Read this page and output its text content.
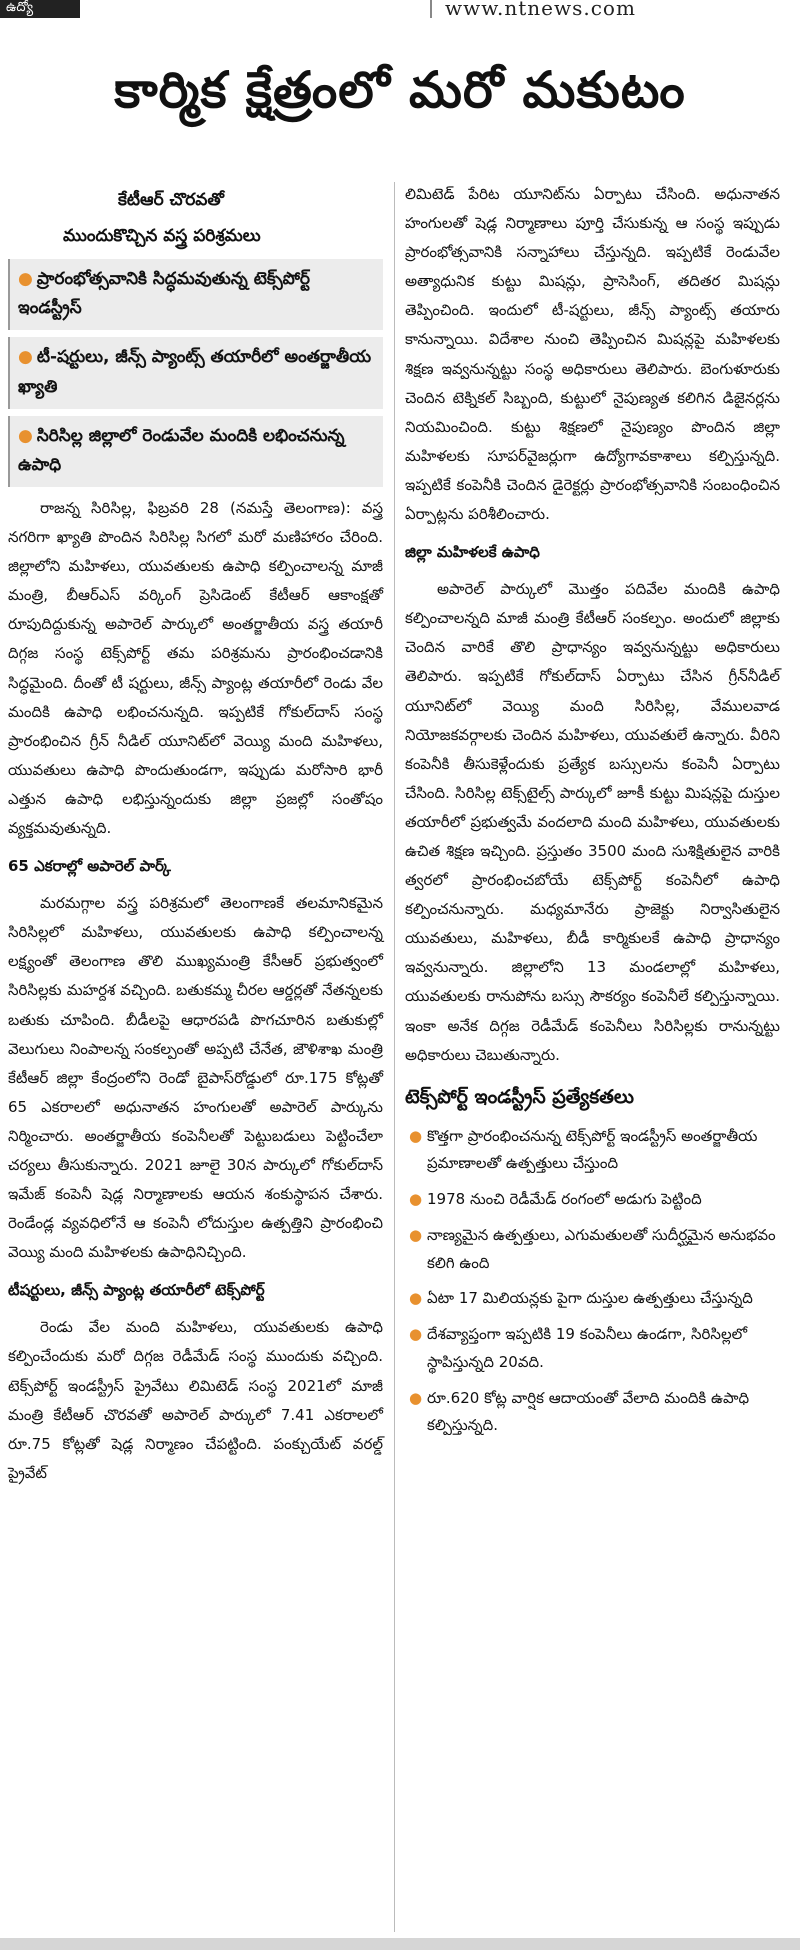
ఉద్యో	www.ntnews.com
కార్మిక క్షేత్రంలో మరో మకుటం
కేటీఆర్ చొరవతో
ముందుకొచ్చిన వస్త్ర పరిశ్రమలు
● ప్రారంభోత్సవానికి సిద్ధమవుతున్న టెక్స్‌పోర్ట్ ఇండస్ట్రీస్
● టీ-షర్టులు, జీన్స్ ప్యాంట్స్ తయారీలో అంతర్జాతీయ ఖ్యాతి
● సిరిసిల్ల జిల్లాలో రెండువేల మందికి లభించనున్న ఉపాధి

రాజన్న సిరిసిల్ల, ఫిబ్రవరి 28 (నమస్తే తెలంగాణ): వస్త్ర నగరిగా ఖ్యాతి పొందిన సిరిసిల్ల సిగలో మరో మణిహారం చేరింది. జిల్లాలోని మహిళలు, యువతులకు ఉపాధి కల్పించాలన్న మాజీ మంత్రి, బీఆర్ఎస్ వర్కింగ్ ప్రెసిడెంట్ కేటీఆర్ ఆకాంక్షతో రూపుదిద్దుకున్న అపారెల్ పార్కులో అంతర్జాతీయ వస్త్ర తయారీ దిగ్గజ సంస్థ టెక్స్‌పోర్ట్ తమ పరిశ్రమను ప్రారంభించడానికి సిద్ధమైంది. దీంతో టీ షర్టులు, జీన్స్ ప్యాంట్ల తయారీలో రెండు వేల మందికి ఉపాధి లభించనున్నది. ఇప్పటికే గోకుల్‌దాస్ సంస్థ ప్రారంభించిన గ్రీన్ నీడిల్ యూనిట్‌లో వెయ్యి మంది మహిళలు, యువతులు ఉపాధి పొందుతుండగా, ఇప్పుడు మరోసారి భారీ ఎత్తున ఉపాధి లభిస్తున్నందుకు జిల్లా ప్రజల్లో సంతోషం వ్యక్తమవుతున్నది.

65 ఎకరాల్లో అపారెల్ పార్క్

మరమగ్గాల వస్త్ర పరిశ్రమలో తెలంగాణకే తలమానికమైన సిరిసిల్లలో మహిళలు, యువతులకు ఉపాధి కల్పించాలన్న లక్ష్యంతో తెలంగాణ తొలి ముఖ్యమంత్రి కేసీఆర్ ప్రభుత్వంలో సిరిసిల్లకు మహర్దశ వచ్చింది. బతుకమ్మ చీరల ఆర్డర్లతో నేతన్నలకు బతుకు చూపింది. బీడీలపై ఆధారపడి పొగచూరిన బతుకుల్లో వెలుగులు నింపాలన్న సంకల్పంతో అప్పటి చేనేత, జౌళిశాఖ మంత్రి కేటీఆర్ జిల్లా కేంద్రంలోని రెండో బైపాస్‌రోడ్డులో రూ.175 కోట్లతో 65 ఎకరాలలో అధునాతన హంగులతో అపారెల్ పార్కును నిర్మించారు. అంతర్జాతీయ కంపెనీలతో పెట్టుబడులు పెట్టించేలా చర్యలు తీసుకున్నారు. 2021 జూలై 30న పార్కులో గోకుల్‌దాస్ ఇమేజ్ కంపెనీ షెడ్ల నిర్మాణాలకు ఆయన శంకుస్థాపన చేశారు. రెండేండ్ల వ్యవధిలోనే ఆ కంపెనీ లోదుస్తుల ఉత్పత్తిని ప్రారంభించి వెయ్యి మంది మహిళలకు ఉపాధినిచ్చింది.

టీషర్టులు, జీన్స్ ప్యాంట్ల తయారీలో టెక్స్‌పోర్ట్

రెండు వేల మంది మహిళలు, యువతులకు ఉపాధి కల్పించేందుకు మరో దిగ్గజ రెడీమేడ్ సంస్థ ముందుకు వచ్చింది. టెక్స్‌పోర్ట్ ఇండస్ట్రీస్ ప్రైవేటు లిమిటెడ్ సంస్థ 2021లో మాజీ మంత్రి కేటీఆర్ చొరవతో అపారెల్ పార్కులో 7.41 ఎకరాలలో రూ.75 కోట్లతో షెడ్ల నిర్మాణం చేపట్టింది. పంక్చుయేట్ వరల్డ్ ప్రైవేట్

లిమిటెడ్ పేరిట యూనిట్‌ను ఏర్పాటు చేసింది. అధునాతన హంగులతో షెడ్ల నిర్మాణాలు పూర్తి చేసుకున్న ఆ సంస్థ ఇప్పుడు ప్రారంభోత్సవానికి సన్నాహాలు చేస్తున్నది. ఇప్పటికే రెండువేల అత్యాధునిక కుట్టు మిషన్లు, ప్రాసెసింగ్, తదితర మిషన్లు తెప్పించింది. ఇందులో టీ-షర్టులు, జీన్స్ ప్యాంట్స్ తయారు కానున్నాయి. విదేశాల నుంచి తెప్పించిన మిషన్లపై మహిళలకు శిక్షణ ఇవ్వనున్నట్టు సంస్థ అధికారులు తెలిపారు. బెంగుళూరుకు చెందిన టెక్నికల్ సిబ్బంది, కుట్టులో నైపుణ్యత కలిగిన డిజైనర్లను నియమించింది. కుట్టు శిక్షణలో నైపుణ్యం పొందిన జిల్లా మహిళలకు సూపర్‌వైజర్లుగా ఉద్యోగావకాశాలు కల్పిస్తున్నది. ఇప్పటికే కంపెనీకి చెందిన డైరెక్టర్లు ప్రారంభోత్సవానికి సంబంధించిన ఏర్పాట్లను పరిశీలించారు.

జిల్లా మహిళలకే ఉపాధి

అపారెల్ పార్కులో మొత్తం పదివేల మందికి ఉపాధి కల్పించాలన్నది మాజీ మంత్రి కేటీఆర్ సంకల్పం. అందులో జిల్లాకు చెందిన వారికే తొలి ప్రాధాన్యం ఇవ్వనున్నట్టు అధికారులు తెలిపారు. ఇప్పటికే గోకుల్‌దాస్ ఏర్పాటు చేసిన గ్రీన్‌నీడిల్ యూనిట్‌లో వెయ్యి మంది సిరిసిల్ల, వేములవాడ నియోజకవర్గాలకు చెందిన మహిళలు, యువతులే ఉన్నారు. వీరిని కంపెనీకి తీసుకెళ్లేందుకు ప్రత్యేక బస్సులను కంపెనీ ఏర్పాటు చేసింది. సిరిసిల్ల టెక్స్‌టైల్స్ పార్కులో జూకీ కుట్టు మిషన్లపై దుస్తుల తయారీలో ప్రభుత్వమే వందలాది మంది మహిళలు, యువతులకు ఉచిత శిక్షణ ఇచ్చింది. ప్రస్తుతం 3500 మంది సుశిక్షితులైన వారికి త్వరలో ప్రారంభించబోయే టెక్స్‌పోర్ట్ కంపెనీలో ఉపాధి కల్పించనున్నారు. మధ్యమానేరు ప్రాజెక్టు నిర్వాసితులైన యువతులు, మహిళలు, బీడీ కార్మికులకే ఉపాధి ప్రాధాన్యం ఇవ్వనున్నారు. జిల్లాలోని 13 మండలాల్లో మహిళలు, యువతులకు రానుపోను బస్సు సౌకర్యం కంపెనీలే కల్పిస్తున్నాయి. ఇంకా అనేక దిగ్గజ రెడీమేడ్ కంపెనీలు సిరిసిల్లకు రానున్నట్టు అధికారులు చెబుతున్నారు.

టెక్స్‌పోర్ట్ ఇండస్ట్రీస్ ప్రత్యేకతలు
● కొత్తగా ప్రారంభించనున్న టెక్స్‌పోర్ట్ ఇండస్ట్రీస్ అంతర్జాతీయ ప్రమాణాలతో ఉత్పత్తులు చేస్తుంది
● 1978 నుంచి రెడీమేడ్ రంగంలో అడుగు పెట్టింది
● నాణ్యమైన ఉత్పత్తులు, ఎగుమతులతో సుదీర్ఘమైన అనుభవం కలిగి ఉంది
● ఏటా 17 మిలియన్లకు పైగా దుస్తుల ఉత్పత్తులు చేస్తున్నది
● దేశవ్యాప్తంగా ఇప్పటికి 19 కంపెనీలు ఉండగా, సిరిసిల్లలో స్థాపిస్తున్నది 20వది.
● రూ.620 కోట్ల వార్షిక ఆదాయంతో వేలాది మందికి ఉపాధి కల్పిస్తున్నది.
